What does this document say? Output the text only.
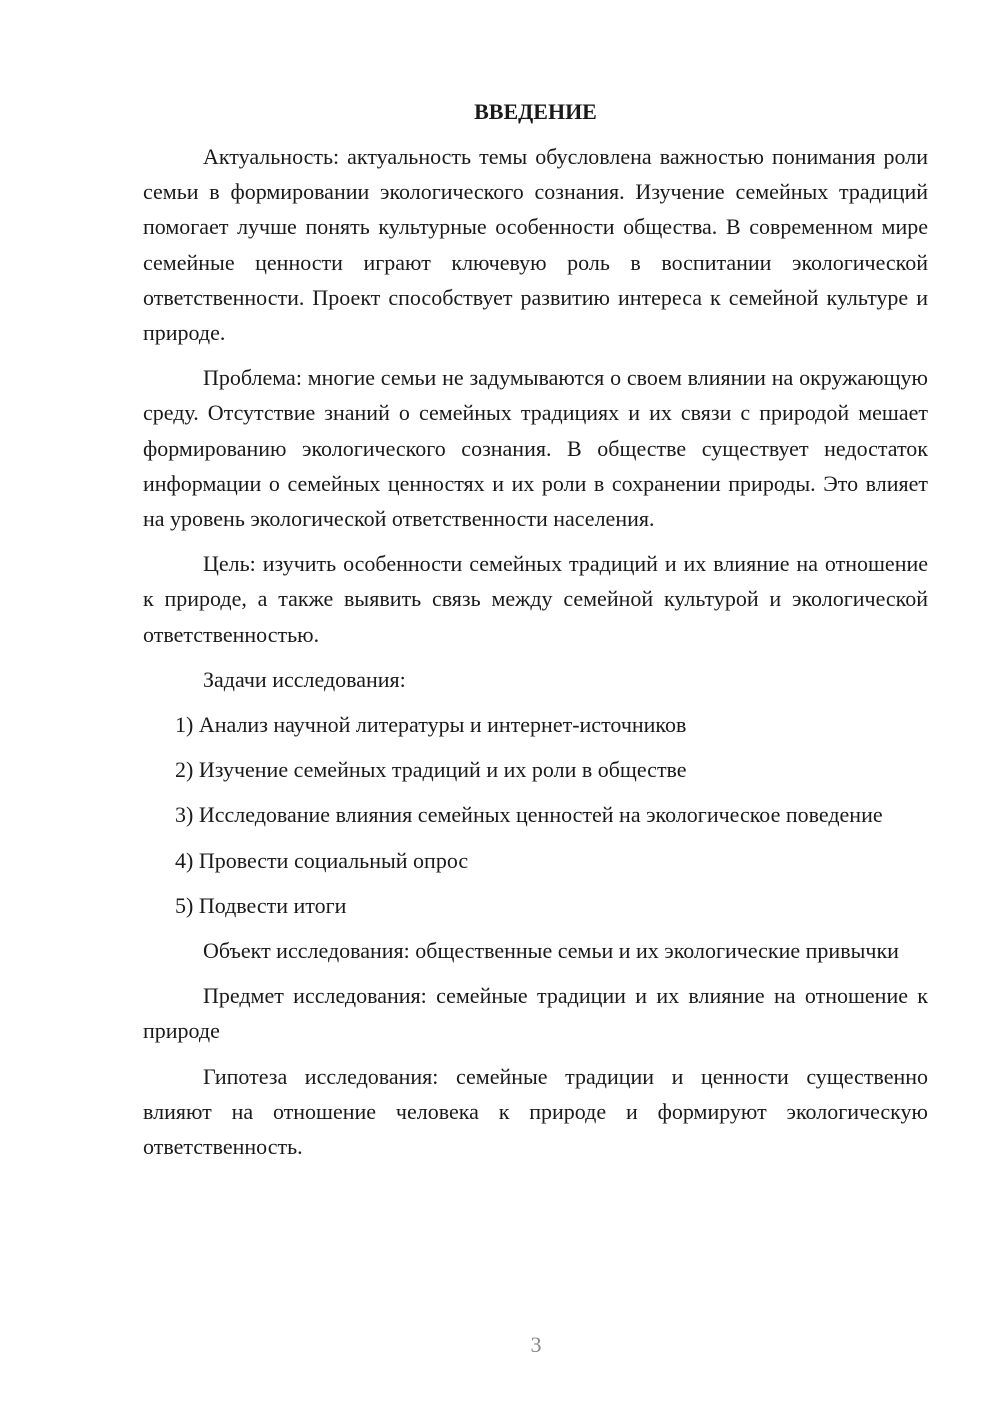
ВВЕДЕНИЕ

Актуальность: актуальность темы обусловлена важностью понимания роли семьи в формировании экологического сознания. Изучение семейных традиций помогает лучше понять культурные особенности общества. В современном мире семейные ценности играют ключевую роль в воспитании экологической ответственности. Проект способствует развитию интереса к семейной культуре и природе.

Проблема: многие семьи не задумываются о своем влиянии на окружающую среду. Отсутствие знаний о семейных традициях и их связи с природой мешает формированию экологического сознания. В обществе существует недостаток информации о семейных ценностях и их роли в сохранении природы. Это влияет на уровень экологической ответственности населения.

Цель: изучить особенности семейных традиций и их влияние на отношение к природе, а также выявить связь между семейной культурой и экологической ответственностью.

Задачи исследования:

1) Анализ научной литературы и интернет-источников

2) Изучение семейных традиций и их роли в обществе

3) Исследование влияния семейных ценностей на экологическое поведение

4) Провести социальный опрос

5) Подвести итоги

Объект исследования: общественные семьи и их экологические привычки

Предмет исследования: семейные традиции и их влияние на отношение к природе

Гипотеза исследования: семейные традиции и ценности существенно влияют на отношение человека к природе и формируют экологическую ответственность.

3
